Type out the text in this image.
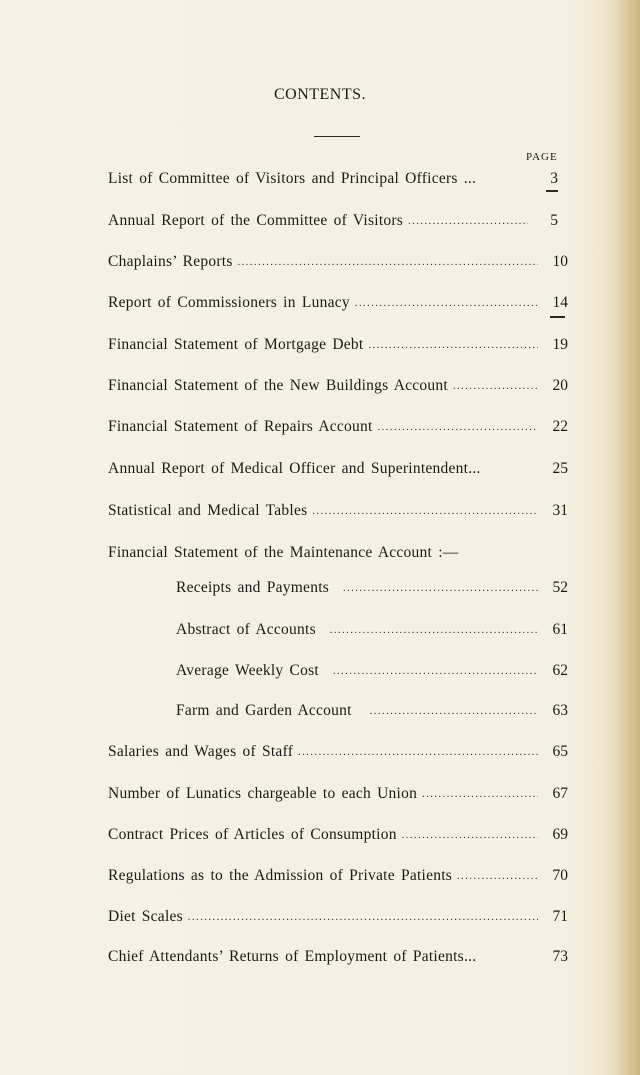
CONTENTS.
PAGE
List of Committee of Visitors and Principal Officers ...	3
Annual Report of the Committee of Visitors .....	5
Chaplains’ Reports .....	10
Report of Commissioners in Lunacy .....	14
Financial Statement of Mortgage Debt .....	19
Financial Statement of the New Buildings Account .....	20
Financial Statement of Repairs Account .....	22
Annual Report of Medical Officer and Superintendent...	25
Statistical and Medical Tables .....	31
Financial Statement of the Maintenance Account :—
Receipts and Payments .....	52
Abstract of Accounts .....	61
Average Weekly Cost .....	62
Farm and Garden Account .....	63
Salaries and Wages of Staff .....	65
Number of Lunatics chargeable to each Union .....	67
Contract Prices of Articles of Consumption .....	69
Regulations as to the Admission of Private Patients .....	70
Diet Scales .....	71
Chief Attendants’ Returns of Employment of Patients...	73
